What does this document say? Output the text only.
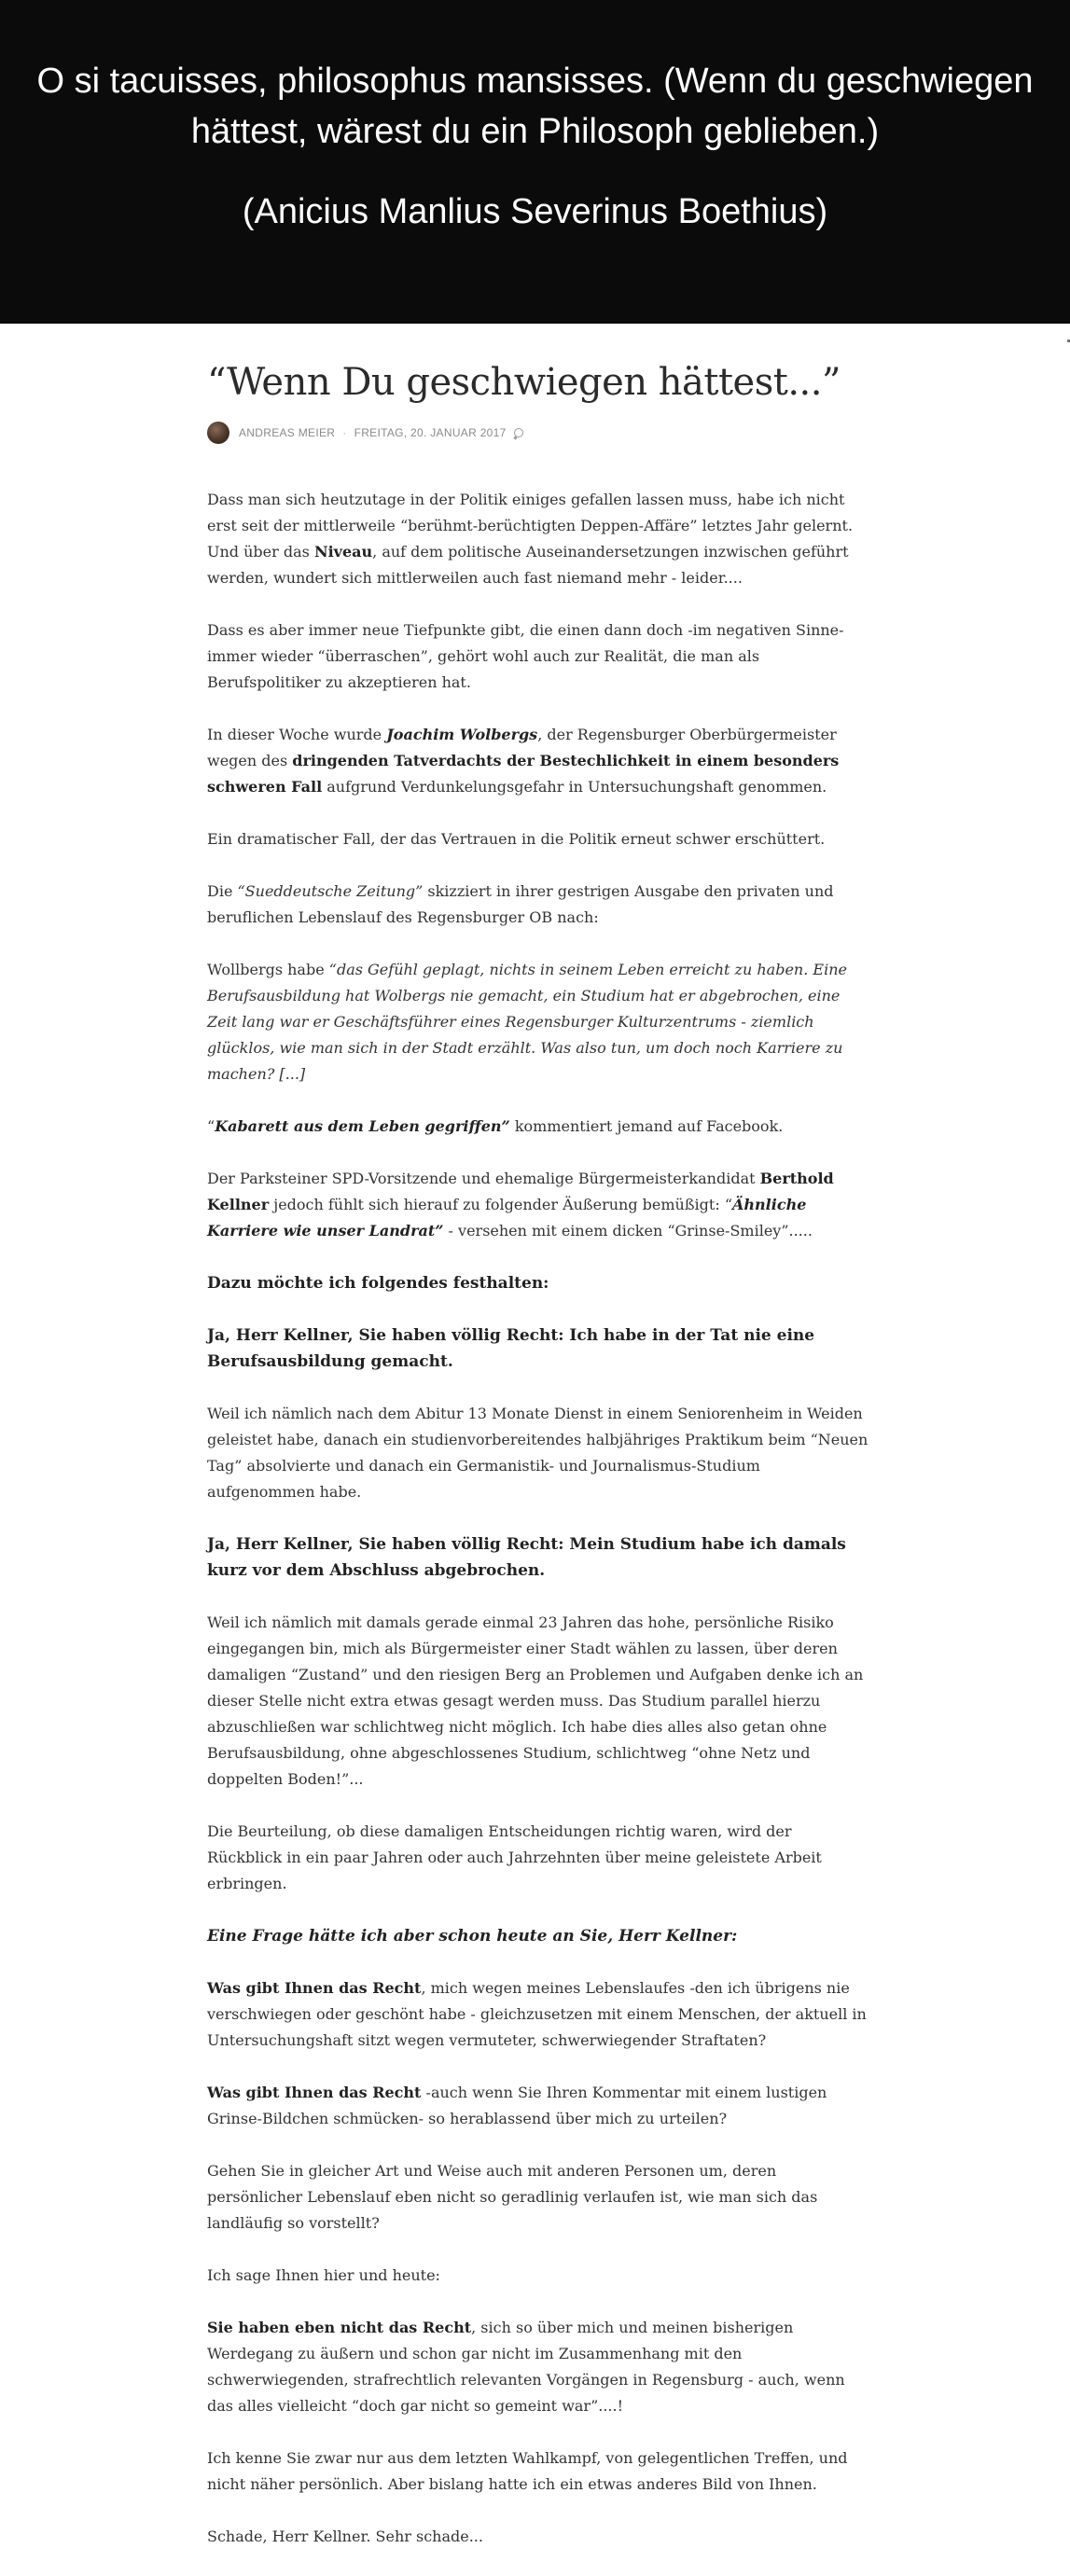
O si tacuisses, philosophus mansisses. (Wenn du geschwiegen
hättest, wärest du ein Philosoph geblieben.)
(Anicius Manlius Severinus Boethius)
“Wenn Du geschwiegen hättest...”
ANDREAS MEIER · FREITAG, 20. JANUAR 2017

Dass man sich heutzutage in der Politik einiges gefallen lassen muss, habe ich nicht erst seit der mittlerweile “berühmt-berüchtigten Deppen-Affäre” letztes Jahr gelernt. Und über das Niveau, auf dem politische Auseinandersetzungen inzwischen geführt werden, wundert sich mittlerweilen auch fast niemand mehr - leider....

Dass es aber immer neue Tiefpunkte gibt, die einen dann doch -im negativen Sinne- immer wieder “überraschen”, gehört wohl auch zur Realität, die man als Berufspolitiker zu akzeptieren hat.

In dieser Woche wurde Joachim Wolbergs, der Regensburger Oberbürgermeister wegen des dringenden Tatverdachts der Bestechlichkeit in einem besonders schweren Fall aufgrund Verdunkelungsgefahr in Untersuchungshaft genommen.

Ein dramatischer Fall, der das Vertrauen in die Politik erneut schwer erschüttert.

Die “Sueddeutsche Zeitung” skizziert in ihrer gestrigen Ausgabe den privaten und beruflichen Lebenslauf des Regensburger OB nach:

Wollbergs habe “das Gefühl geplagt, nichts in seinem Leben erreicht zu haben. Eine Berufsausbildung hat Wolbergs nie gemacht, ein Studium hat er abgebrochen, eine Zeit lang war er Geschäftsführer eines Regensburger Kulturzentrums - ziemlich glücklos, wie man sich in der Stadt erzählt. Was also tun, um doch noch Karriere zu machen? [...]

“Kabarett aus dem Leben gegriffen” kommentiert jemand auf Facebook.

Der Parksteiner SPD-Vorsitzende und ehemalige Bürgermeisterkandidat Berthold Kellner jedoch fühlt sich hierauf zu folgender Äußerung bemüßigt: “Ähnliche Karriere wie unser Landrat” - versehen mit einem dicken “Grinse-Smiley”.....

Dazu möchte ich folgendes festhalten:

Ja, Herr Kellner, Sie haben völlig Recht: Ich habe in der Tat nie eine Berufsausbildung gemacht.

Weil ich nämlich nach dem Abitur 13 Monate Dienst in einem Seniorenheim in Weiden geleistet habe, danach ein studienvorbereitendes halbjähriges Praktikum beim “Neuen Tag” absolvierte und danach ein Germanistik- und Journalismus-Studium aufgenommen habe.

Ja, Herr Kellner, Sie haben völlig Recht: Mein Studium habe ich damals kurz vor dem Abschluss abgebrochen.

Weil ich nämlich mit damals gerade einmal 23 Jahren das hohe, persönliche Risiko eingegangen bin, mich als Bürgermeister einer Stadt wählen zu lassen, über deren damaligen “Zustand” und den riesigen Berg an Problemen und Aufgaben denke ich an dieser Stelle nicht extra etwas gesagt werden muss. Das Studium parallel hierzu abzuschließen war schlichtweg nicht möglich. Ich habe dies alles also getan ohne Berufsausbildung, ohne abgeschlossenes Studium, schlichtweg “ohne Netz und doppelten Boden!”...

Die Beurteilung, ob diese damaligen Entscheidungen richtig waren, wird der Rückblick in ein paar Jahren oder auch Jahrzehnten über meine geleistete Arbeit erbringen.

Eine Frage hätte ich aber schon heute an Sie, Herr Kellner:

Was gibt Ihnen das Recht, mich wegen meines Lebenslaufes -den ich übrigens nie verschwiegen oder geschönt habe - gleichzusetzen mit einem Menschen, der aktuell in Untersuchungshaft sitzt wegen vermuteter, schwerwiegender Straftaten?

Was gibt Ihnen das Recht -auch wenn Sie Ihren Kommentar mit einem lustigen Grinse-Bildchen schmücken- so herablassend über mich zu urteilen?

Gehen Sie in gleicher Art und Weise auch mit anderen Personen um, deren persönlicher Lebenslauf eben nicht so geradlinig verlaufen ist, wie man sich das landläufig so vorstellt?

Ich sage Ihnen hier und heute:

Sie haben eben nicht das Recht, sich so über mich und meinen bisherigen Werdegang zu äußern und schon gar nicht im Zusammenhang mit den schwerwiegenden, strafrechtlich relevanten Vorgängen in Regensburg - auch, wenn das alles vielleicht “doch gar nicht so gemeint war”....!

Ich kenne Sie zwar nur aus dem letzten Wahlkampf, von gelegentlichen Treffen, und nicht näher persönlich. Aber bislang hatte ich ein etwas anderes Bild von Ihnen.

Schade, Herr Kellner. Sehr schade...
